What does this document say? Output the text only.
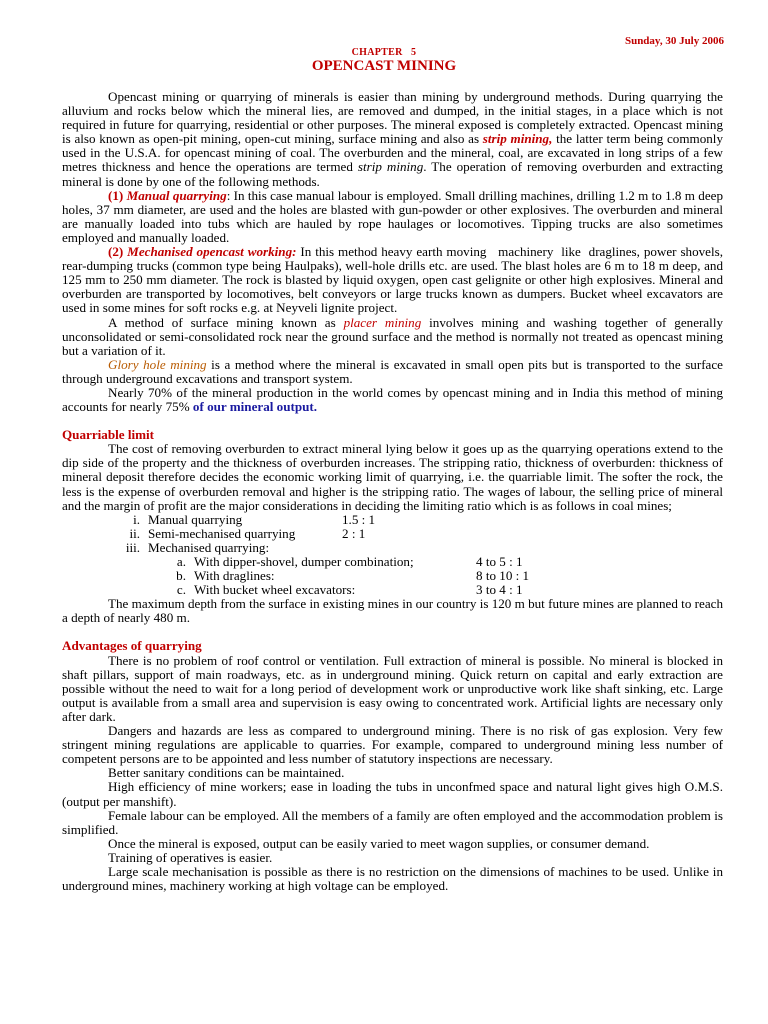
Sunday, 30 July 2006
CHAPTER   5
OPENCAST MINING

Opencast mining or quarrying of minerals is easier than mining by underground methods. During quarrying the alluvium and rocks below which the mineral lies, are removed and dumped, in the initial stages, in a place which is not required in future for quarrying, residential or other purposes. The mineral exposed is completely extracted. Opencast mining is also known as open-pit mining, open-cut mining, surface mining and also as strip mining, the latter term being commonly used in the U.S.A. for opencast mining of coal. The overburden and the mineral, coal, are excavated in long strips of a few metres thickness and hence the operations are termed strip mining. The operation of removing overburden and extracting mineral is done by one of the following methods.

(1) Manual quarrying: In this case manual labour is employed. Small drilling machines, drilling 1.2 m to 1.8 m deep holes, 37 mm diameter, are used and the holes are blasted with gun-powder or other explosives. The overburden and mineral are manually loaded into tubs which are hauled by rope haulages or locomotives. Tipping trucks are also sometimes employed and manually loaded.

(2) Mechanised opencast working: In this method heavy earth moving   machinery  like  draglines, power shovels,   rear-dumping trucks (common type being Haulpaks), well-hole drills etc. are used. The blast holes are 6 m to 18 m deep, and 125 mm to 250 mm diameter. The rock is blasted by liquid oxygen, open cast gelignite or other high explosives. Mineral and overburden are transported by locomotives, belt conveyors or large trucks known as dumpers. Bucket wheel excavators are used in some mines for soft rocks e.g. at Neyveli lignite project.

A method of surface mining known as placer mining involves mining and washing together of generally unconsolidated or semi-consolidated rock near the ground surface and the method is normally not treated as opencast mining but a variation of it.

Glory hole mining is a method where the mineral is excavated in small open pits but is transported to the surface through underground excavations and transport system.

Nearly 70% of the mineral production in the world comes by opencast mining and in India this method of mining accounts for nearly 75% of our mineral output.

Quarriable limit

The cost of removing overburden to extract mineral lying below it goes up as the quarrying operations extend to the dip side of the property and the thickness of overburden increases. The stripping ratio, thickness of overburden: thickness of mineral deposit therefore decides the economic working limit of quarrying, i.e. the quarriable limit. The softer the rock, the less is the expense of overburden removal and higher is the stripping ratio. The wages of labour, the selling price of mineral and the margin of profit are the major considerations in deciding the limiting ratio which is as follows in coal mines;

i. Manual quarrying	1.5 : 1
ii. Semi-mechanised quarrying	2 : 1
iii. Mechanised quarrying:
a. With dipper-shovel, dumper combination;	4 to 5 : 1
b. With draglines:	8 to 10 : 1
c. With bucket wheel excavators:	3 to 4 : 1

The maximum depth from the surface in existing mines in our country is 120 m but future mines are planned to reach a depth of nearly 480 m.

Advantages of quarrying

There is no problem of roof control or ventilation. Full extraction of mineral is possible. No mineral is blocked in shaft pillars, support of main roadways, etc. as in underground mining. Quick return on capital and early extraction are possible without the need to wait for a long period of development work or unproductive work like shaft sinking, etc. Large output is available from a small area and supervision is easy owing to concentrated work. Artificial lights are necessary only after dark.

Dangers and hazards are less as compared to underground mining. There is no risk of gas explosion. Very few stringent mining regulations are applicable to quarries. For example, compared to underground mining less number of competent persons are to be appointed and less number of statutory inspections are necessary.

Better sanitary conditions can be maintained.

High efficiency of mine workers; ease in loading the tubs in unconfmed space and natural light gives high O.M.S. (output per manshift).

Female labour can be employed. All the members of a family are often employed and the accommodation problem is simplified.

Once the mineral is exposed, output can be easily varied to meet wagon supplies, or consumer demand.

Training of operatives is easier.

Large scale mechanisation is possible as there is no restriction on the dimensions of machines to be used. Unlike in underground mines, machinery working at high voltage can be employed.
